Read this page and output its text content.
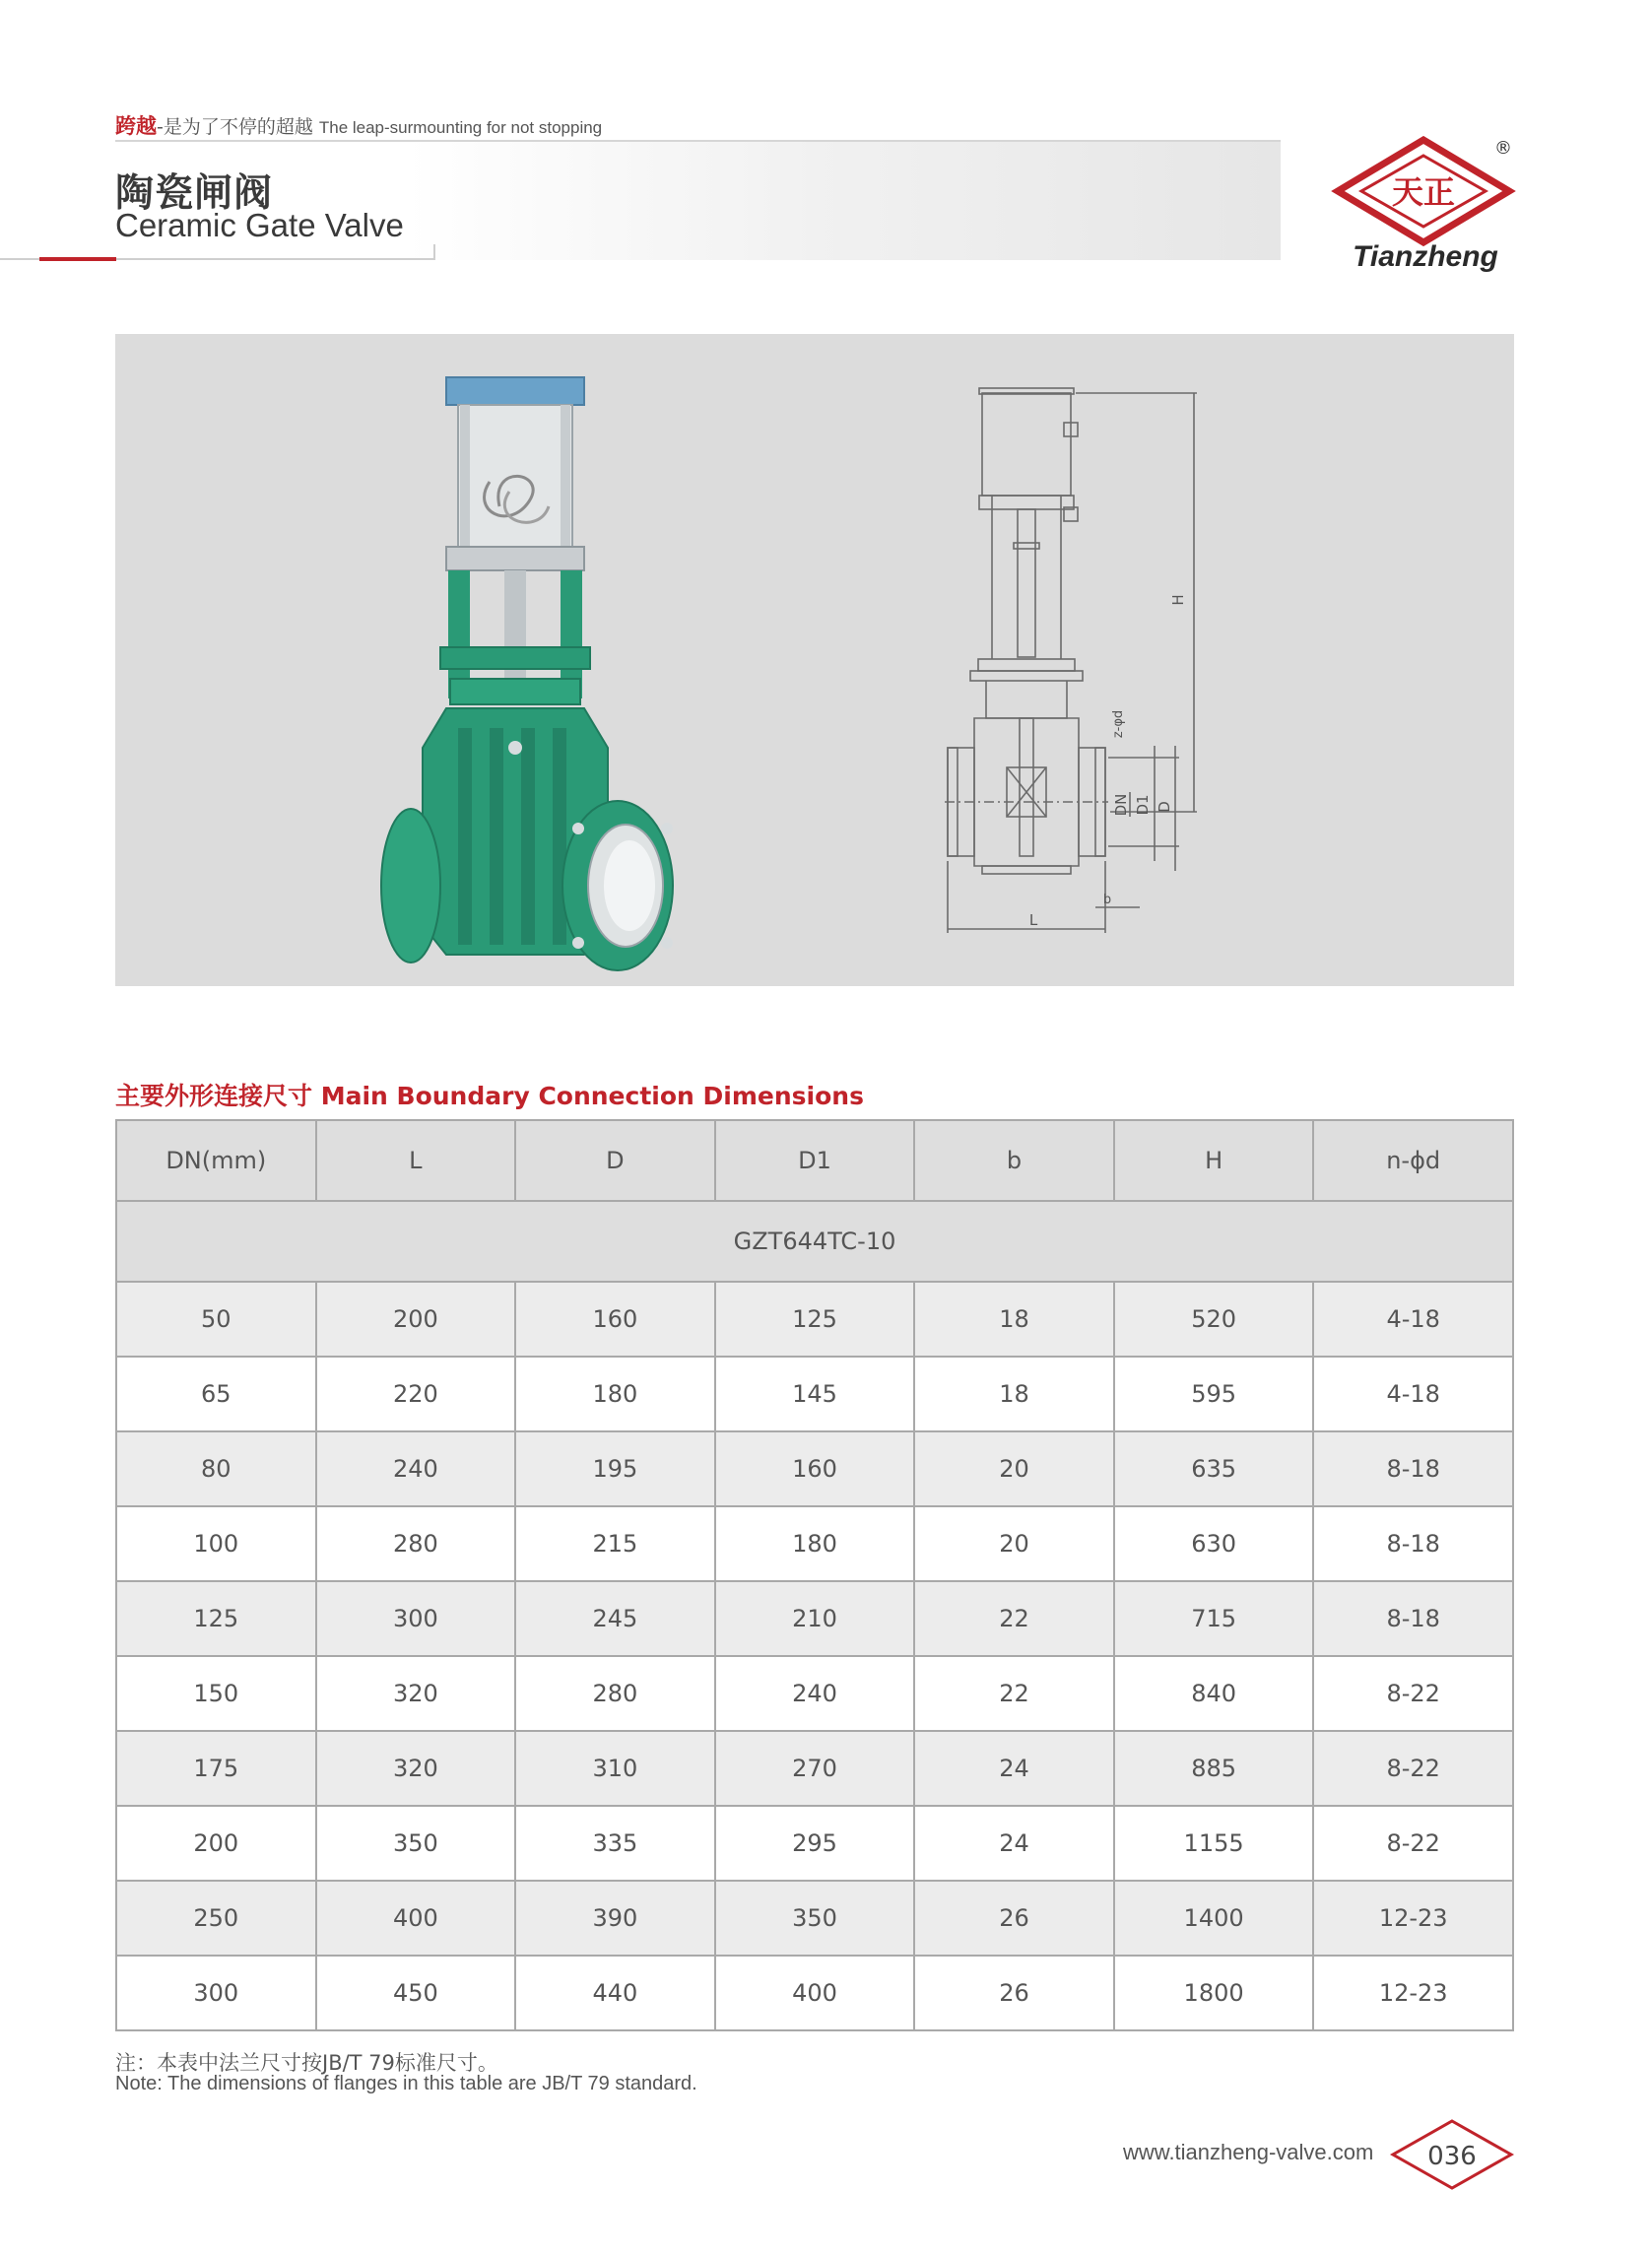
跨越 -是为了不停的超越 The leap-surmounting for not stopping
陶瓷闸阀
Ceramic Gate Valve
天正
®
Tianzheng
H
z-φd
DN D1 D
L
b
主要外形连接尺寸 Main Boundary Connection Dimensions
DN(mm)	L	D	D1	b	H	n-ϕd
GZT644TC-10						
50	200	160	125	18	520	4-18
65	220	180	145	18	595	4-18
80	240	195	160	20	635	8-18
100	280	215	180	20	630	8-18
125	300	245	210	22	715	8-18
150	320	280	240	22	840	8-22
175	320	310	270	24	885	8-22
200	350	335	295	24	1155	8-22
250	400	390	350	26	1400	12-23
300	450	440	400	26	1800	12-23
注：本表中法兰尺寸按JB/T 79标准尺寸。
Note: The dimensions of flanges in this table are JB/T 79 standard.
www.tianzheng-valve.com 036
